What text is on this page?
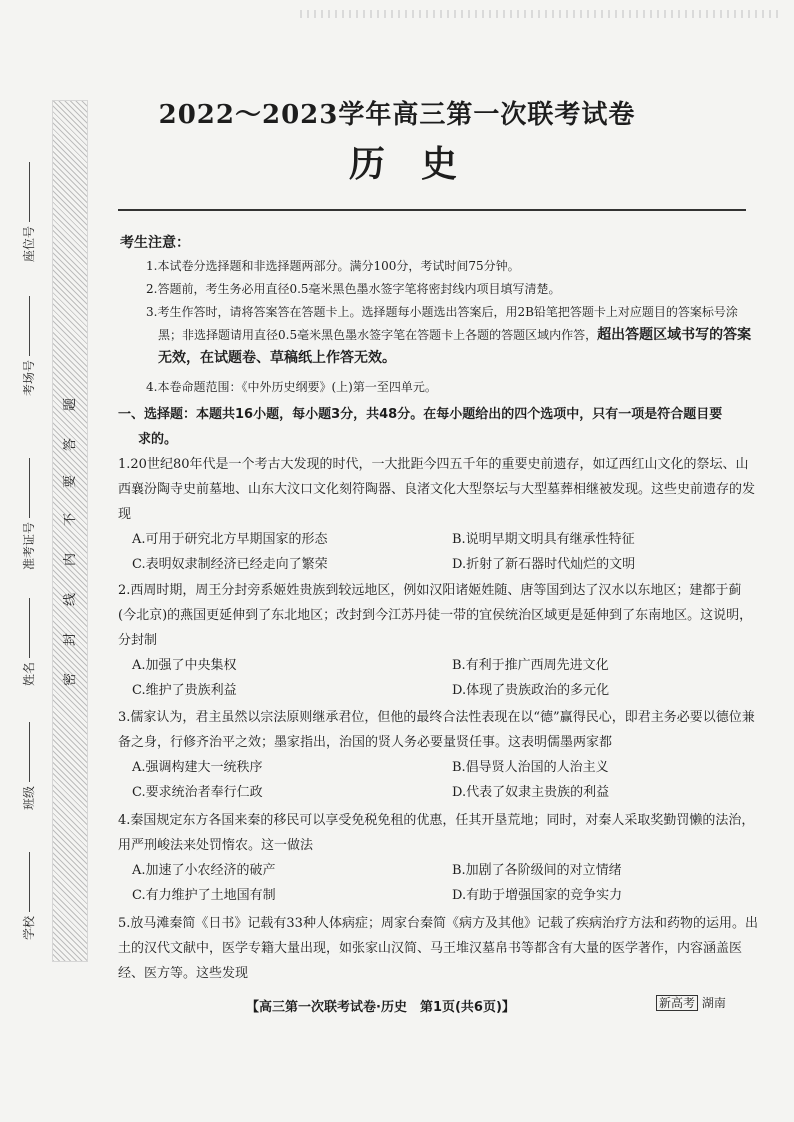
题
答
要
不
内
线
封
密
座位号
考场号
准考证号
姓名
班级
学校
2022～2023学年高三第一次联考试卷
历史
考生注意：
1.本试卷分选择题和非选择题两部分。满分100分，考试时间75分钟。
2.答题前，考生务必用直径0.5毫米黑色墨水签字笔将密封线内项目填写清楚。
3.考生作答时，请将答案答在答题卡上。选择题每小题选出答案后，用2B铅笔把答题卡上对应题目的答案标号涂黑；非选择题请用直径0.5毫米黑色墨水签字笔在答题卡上各题的答题区域内作答，超出答题区域书写的答案无效，在试题卷、草稿纸上作答无效。
4.本卷命题范围：《中外历史纲要》(上)第一至四单元。
一、选择题：本题共16小题，每小题3分，共48分。在每小题给出的四个选项中，只有一项是符合题目要
求的。

1.20世纪80年代是一个考古大发现的时代，一大批距今四五千年的重要史前遗存，如辽西红山文化的祭坛、山西襄汾陶寺史前墓地、山东大汶口文化刻符陶器、良渚文化大型祭坛与大型墓葬相继被发现。这些史前遗存的发现

A.可用于研究北方早期国家的形态	B.说明早期文明具有继承性特征
C.表明奴隶制经济已经走向了繁荣	D.折射了新石器时代灿烂的文明

2.西周时期，周王分封旁系姬姓贵族到较远地区，例如汉阳诸姬姓随、唐等国到达了汉水以东地区；建都于蓟(今北京)的燕国更延伸到了东北地区；改封到今江苏丹徒一带的宜侯统治区域更是延伸到了东南地区。这说明，分封制

A.加强了中央集权	B.有利于推广西周先进文化
C.维护了贵族利益	D.体现了贵族政治的多元化

3.儒家认为，君主虽然以宗法原则继承君位，但他的最终合法性表现在以“德”赢得民心，即君主务必要以德位兼备之身，行修齐治平之效；墨家指出，治国的贤人务必要量贤任事。这表明儒墨两家都

A.强调构建大一统秩序	B.倡导贤人治国的人治主义
C.要求统治者奉行仁政	D.代表了奴隶主贵族的利益

4.秦国规定东方各国来秦的移民可以享受免税免租的优惠，任其开垦荒地；同时，对秦人采取奖勤罚懒的法治，用严刑峻法来处罚惰农。这一做法

A.加速了小农经济的破产	B.加剧了各阶级间的对立情绪
C.有力维护了土地国有制	D.有助于增强国家的竞争实力

5.放马滩秦简《日书》记载有33种人体病症；周家台秦简《病方及其他》记载了疾病治疗方法和药物的运用。出土的汉代文献中，医学专籍大量出现，如张家山汉简、马王堆汉墓帛书等都含有大量的医学著作，内容涵盖医经、医方等。这些发现

【高三第一次联考试卷·历史　第1页(共6页)】	新高考 湖南
